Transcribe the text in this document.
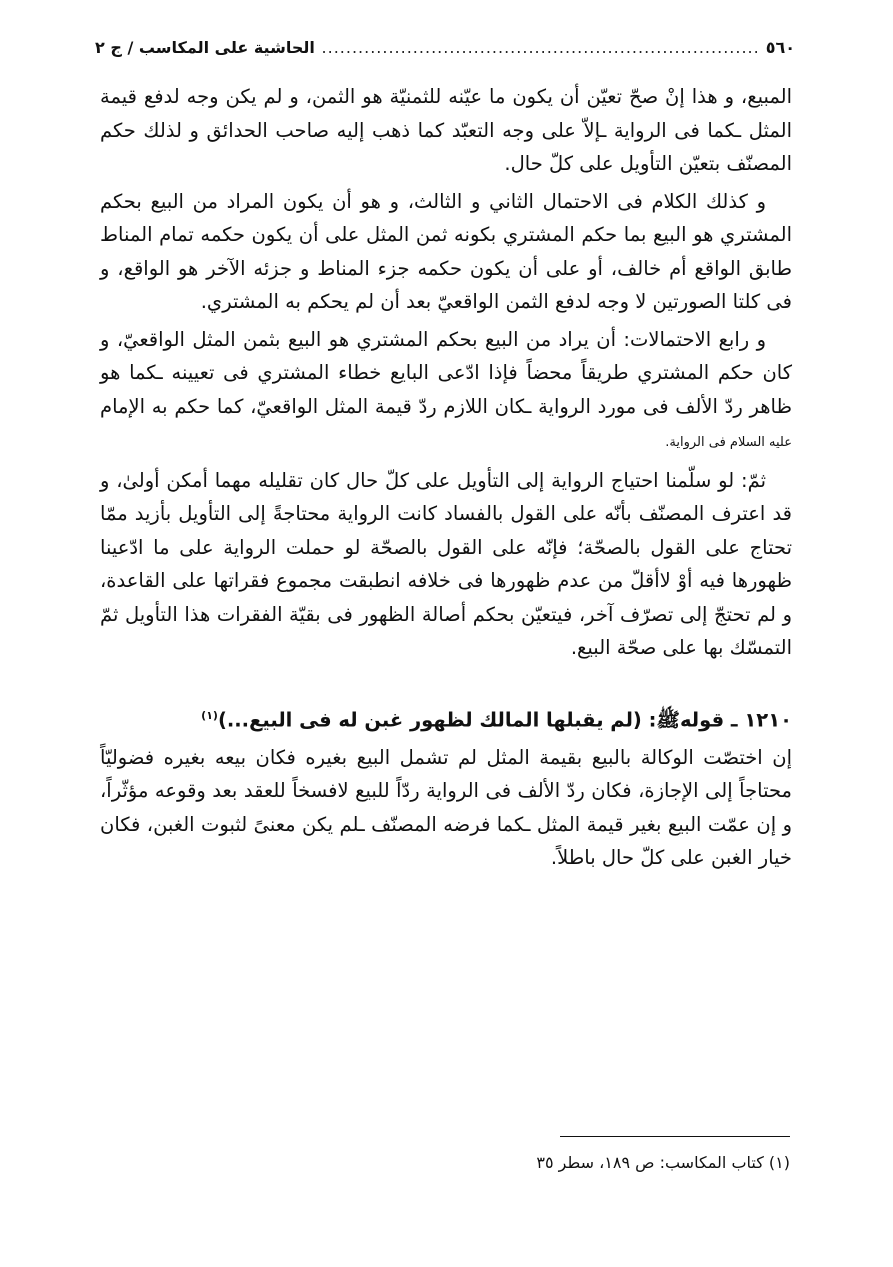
٥٦٠
.....
الحاشية على المكاسب / ج ٢

المبيع، و هذا إنْ صحّ تعيّن أن يكون ما عيّنه للثمنيّة هو الثمن، و لم يكن وجه لدفع قيمة المثل ـكما فى الرواية ـإلاّ على وجه التعبّد كما ذهب إليه صاحب الحدائق و لذلك حكم المصنّف بتعيّن التأويل على كلّ حال.

و كذلك الكلام فى الاحتمال الثاني و الثالث، و هو أن يكون المراد من البيع بحكم المشتري هو البيع بما حكم المشتري بكونه ثمن المثل على أن يكون حكمه تمام المناط طابق الواقع أم خالف، أو على أن يكون حكمه جزء المناط و جزئه الآخر هو الواقع، و فى كلتا الصورتين لا وجه لدفع الثمن الواقعيّ بعد أن لم يحكم به المشتري.

و رابع الاحتمالات: أن يراد من البيع بحكم المشتري هو البيع بثمن المثل الواقعيّ، و كان حكم المشتري طريقاً محضاً فإذا ادّعى البايع خطاء المشتري فى تعيينه ـكما هو ظاهر ردّ الألف فى مورد الرواية ـكان اللازم ردّ قيمة المثل الواقعيّ، كما حكم به الإمام عليه السلام فى الرواية.

ثمّ: لو سلّمنا احتياج الرواية إلى التأويل على كلّ حال كان تقليله مهما أمكن أولىٰ، و قد اعترف المصنّف بأنّه على القول بالفساد كانت الرواية محتاجةً إلى التأويل بأزيد ممّا تحتاج على القول بالصحّة؛ فإنّه على القول بالصحّة لو حملت الرواية على ما ادّعينا ظهورها فيه أوْ لاأقلّ من عدم ظهورها فى خلافه انطبقت مجموع فقراتها على القاعدة، و لم تحتجّ إلى تصرّف آخر، فيتعيّن بحكم أصالة الظهور فى بقيّة الفقرات هذا التأويل ثمّ التمسّك بها على صحّة البيع.

١٢١٠ ـ قولهﷺ: (لم يقبلها المالك لظهور غبن له فى البيع...)$^{(١)}$

إن اختصّت الوكالة بالبيع بقيمة المثل لم تشمل البيع بغيره فكان بيعه بغيره فضوليّاً محتاجاً إلى الإجازة، فكان ردّ الألف فى الرواية ردّاً للبيع لافسخاً للعقد بعد وقوعه مؤثّراً، و إن عمّت البيع بغير قيمة المثل ـكما فرضه المصنّف ـلم يكن معنىً لثبوت الغبن، فكان خيار الغبن على كلّ حال باطلاً.

(١) كتاب المكاسب: ص ١٨٩، سطر ٣٥
